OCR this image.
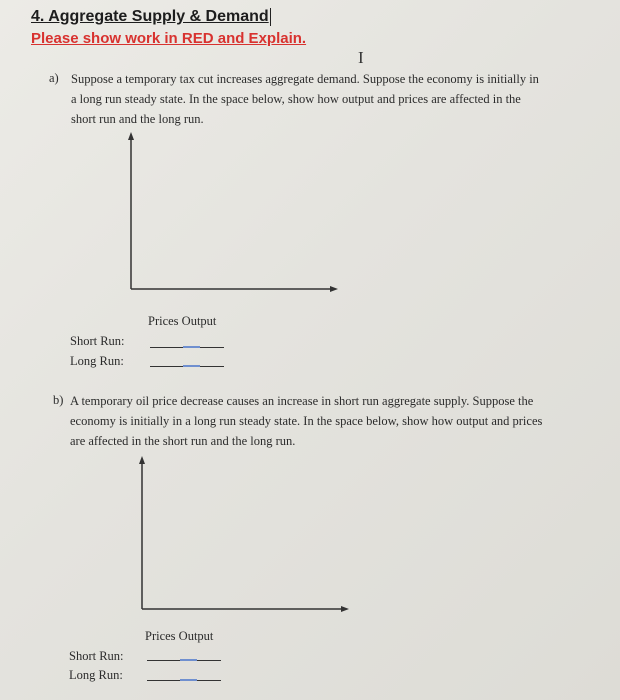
4. Aggregate Supply & Demand
Please show work in RED and Explain.
Ι
a) Suppose a temporary tax cut increases aggregate demand. Suppose the economy is initially in
a long run steady state. In the space below, show how output and prices are affected in the
short run and the long run.
Prices Output
Short Run:
Long Run:
b) A temporary oil price decrease causes an increase in short run aggregate supply. Suppose the
economy is initially in a long run steady state. In the space below, show how output and prices
are affected in the short run and the long run.
Prices Output
Short Run:
Long Run:
